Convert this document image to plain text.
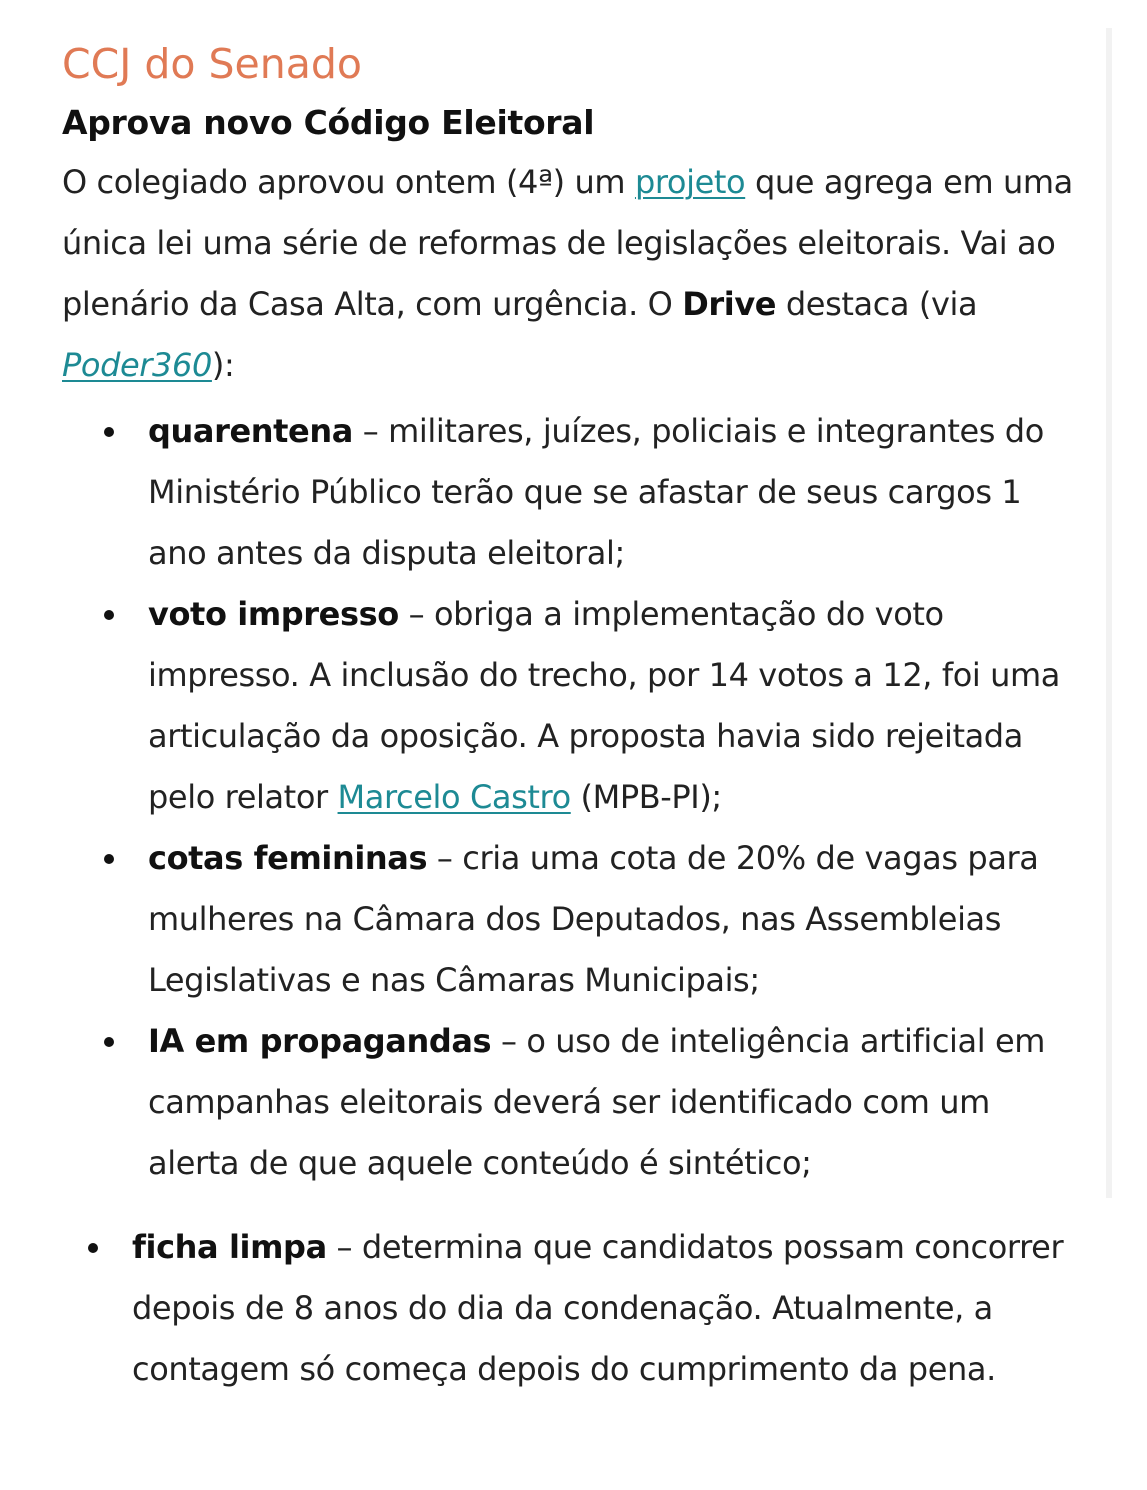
CCJ do Senado
Aprova novo Código Eleitoral

O colegiado aprovou ontem (4ª) um projeto que agrega em uma única lei uma série de reformas de legislações eleitorais. Vai ao plenário da Casa Alta, com urgência. O Drive destaca (via Poder360):

quarentena – militares, juízes, policiais e integrantes do Ministério Público terão que se afastar de seus cargos 1 ano antes da disputa eleitoral;
voto impresso – obriga a implementação do voto impresso. A inclusão do trecho, por 14 votos a 12, foi uma articulação da oposição. A proposta havia sido rejeitada pelo relator Marcelo Castro (MPB-PI);
cotas femininas – cria uma cota de 20% de vagas para mulheres na Câmara dos Deputados, nas Assembleias Legislativas e nas Câmaras Municipais;
IA em propagandas – o uso de inteligência artificial em campanhas eleitorais deverá ser identificado com um alerta de que aquele conteúdo é sintético;
ficha limpa – determina que candidatos possam concorrer depois de 8 anos do dia da condenação. Atualmente, a contagem só começa depois do cumprimento da pena.
